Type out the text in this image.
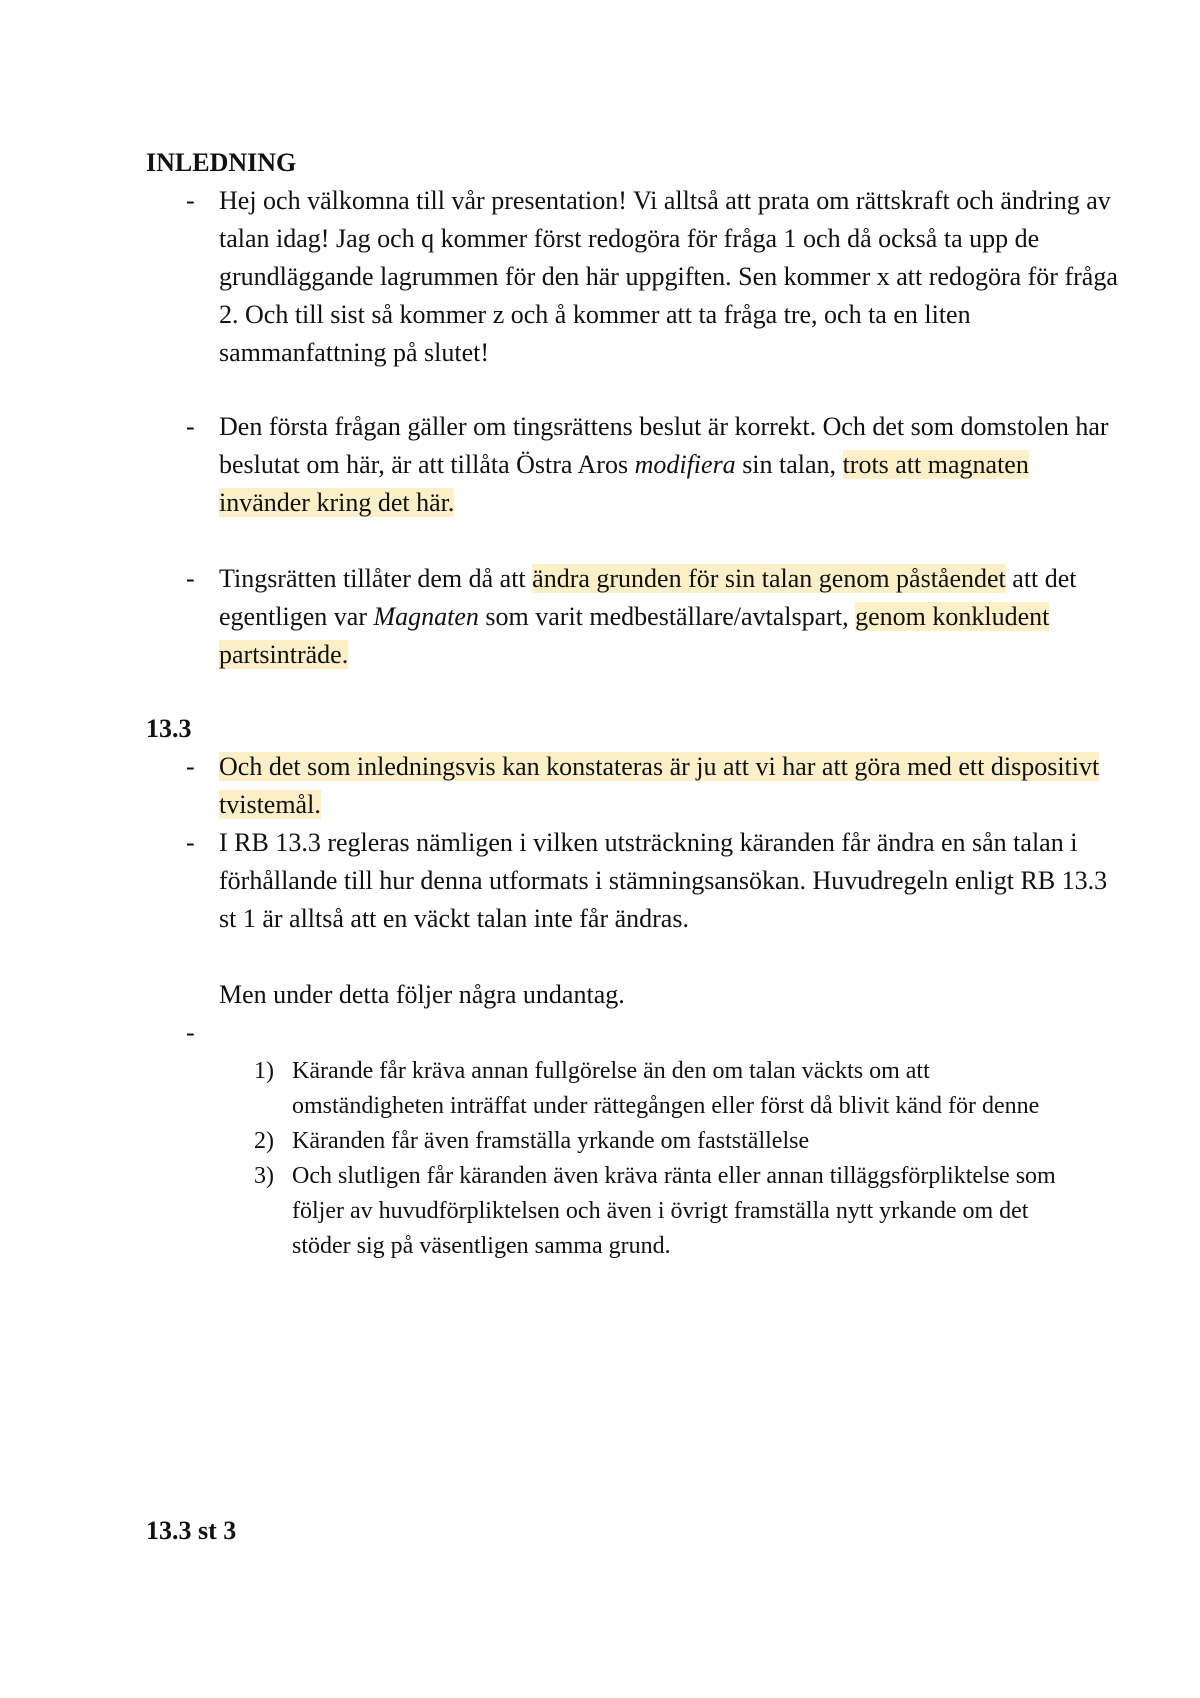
INLEDNING
- Hej och välkomna till vår presentation! Vi alltså att prata om rättskraft och ändring av talan idag! Jag och q kommer först redogöra för fråga 1 och då också ta upp de grundläggande lagrummen för den här uppgiften. Sen kommer x att redogöra för fråga 2. Och till sist så kommer z och å kommer att ta fråga tre, och ta en liten sammanfattning på slutet!
- Den första frågan gäller om tingsrättens beslut är korrekt. Och det som domstolen har beslutat om här, är att tillåta Östra Aros modifiera sin talan, trots att magnaten invänder kring det här.
- Tingsrätten tillåter dem då att ändra grunden för sin talan genom påståendet att det egentligen var Magnaten som varit medbeställare/avtalspart, genom konkludent partsinträde.
13.3
- Och det som inledningsvis kan konstateras är ju att vi har att göra med ett dispositivt tvistemål.
- I RB 13.3 regleras nämligen i vilken utsträckning käranden får ändra en sån talan i förhållande till hur denna utformats i stämningsansökan. Huvudregeln enligt RB 13.3 st 1 är alltså att en väckt talan inte får ändras.
Men under detta följer några undantag.
-
1) Kärande får kräva annan fullgörelse än den om talan väckts om att omständigheten inträffat under rättegången eller först då blivit känd för denne
2) Käranden får även framställa yrkande om fastställelse
3) Och slutligen får käranden även kräva ränta eller annan tilläggsförpliktelse som följer av huvudförpliktelsen och även i övrigt framställa nytt yrkande om det stöder sig på väsentligen samma grund.
13.3 st 3
